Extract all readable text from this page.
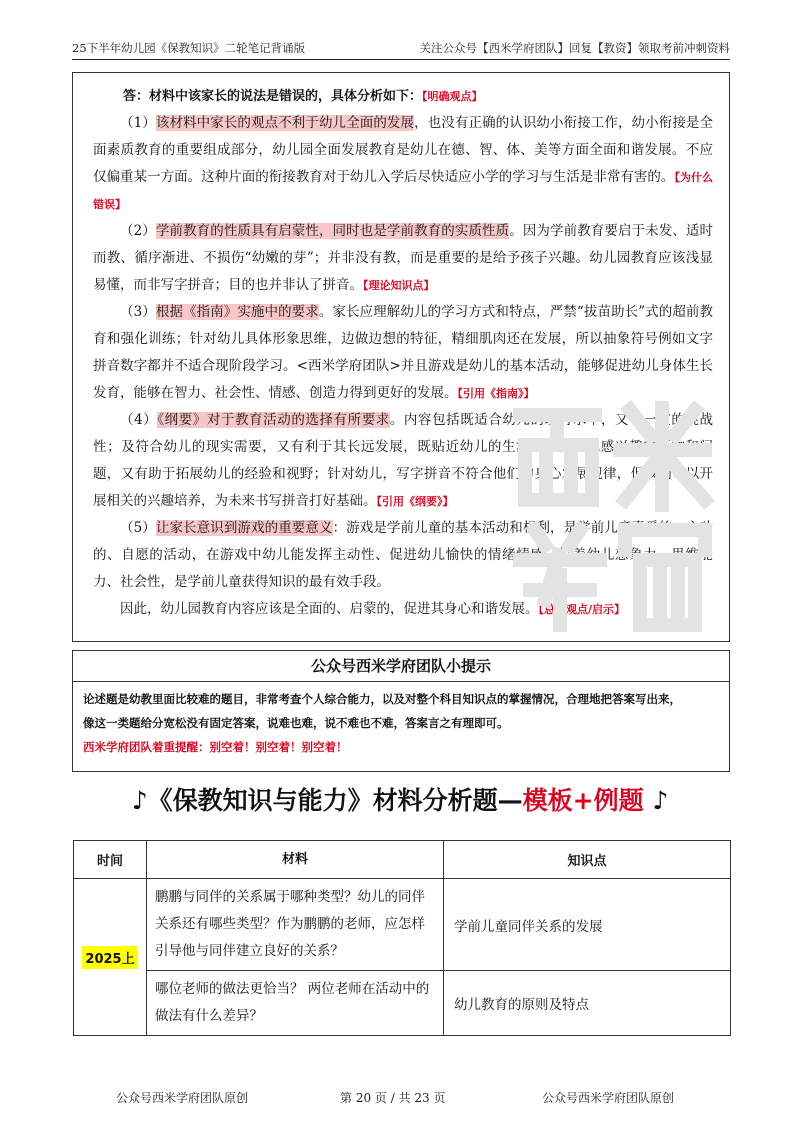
25下半年幼儿园《保教知识》二轮笔记背诵版	关注公众号【西米学府团队】回复【教资】领取考前冲刺资料

答：材料中该家长的说法是错误的，具体分析如下：【明确观点】

（1）该材料中家长的观点不利于幼儿全面的发展，也没有正确的认识幼小衔接工作，幼小衔接是全面素质教育的重要组成部分，幼儿园全面发展教育是幼儿在德、智、体、美等方面全面和谐发展。不应仅偏重某一方面。这种片面的衔接教育对于幼儿入学后尽快适应小学的学习与生活是非常有害的。【为什么错误】

（2）学前教育的性质具有启蒙性，同时也是学前教育的实质性质。因为学前教育要启于未发、适时而教、循序渐进、不损伤“幼嫩的芽”；并非没有教，而是重要的是给予孩子兴趣。幼儿园教育应该浅显易懂，而非写字拼音；目的也并非认了拼音。【理论知识点】

（3）根据《指南》实施中的要求。家长应理解幼儿的学习方式和特点，严禁“拔苗助长”式的超前教育和强化训练；针对幼儿具体形象思维，边做边想的特征，精细肌肉还在发展，所以抽象符号例如文字拼音数字都并不适合现阶段学习。<西米学府团队>并且游戏是幼儿的基本活动，能够促进幼儿身体生长发育，能够在智力、社会性、情感、创造力得到更好的发展。【引用《指南》】

（4）《纲要》对于教育活动的选择有所要求。内容包括既适合幼儿的现有水平，又有一定的挑战性；及符合幼儿的现实需要，又有利于其长远发展，既贴近幼儿的生活来选择幼儿感兴趣的事物和问题，又有助于拓展幼儿的经验和视野；针对幼儿，写字拼音不符合他们的身心发展规律，但我们可以开展相关的兴趣培养，为未来书写拼音打好基础。【引用《纲要》】

（5）让家长意识到游戏的重要意义：游戏是学前儿童的基本活动和权利，是学前儿童喜爱的、主动的、自愿的活动，在游戏中幼儿能发挥主动性、促进幼儿愉快的情绪情感、培养幼儿想象力、思维能力、社会性，是学前儿童获得知识的最有效手段。

因此，幼儿园教育内容应该是全面的、启蒙的，促进其身心和谐发展。【总结观点/启示】

公众号西米学府团队小提示
论述题是幼教里面比较难的题目，非常考查个人综合能力，以及对整个科目知识点的掌握情况，合理地把答案写出来，
像这一类题给分宽松没有固定答案，说难也难，说不难也不难，答案言之有理即可。
西米学府团队着重提醒：别空着！别空着！别空着！
♪《保教知识与能力》材料分析题—模板+例题 ♪
时间	材料	知识点
2025上	鹏鹏与同伴的关系属于哪种类型？幼儿的同伴关系还有哪些类型？作为鹏鹏的老师，应怎样引导他与同伴建立良好的关系？	学前儿童同伴关系的发展
	哪位老师的做法更恰当？ 两位老师在活动中的做法有什么差异？	幼儿教育的原则及特点
公众号西米学府团队原创	第 20 页 / 共 23 页	公众号西米学府团队原创
